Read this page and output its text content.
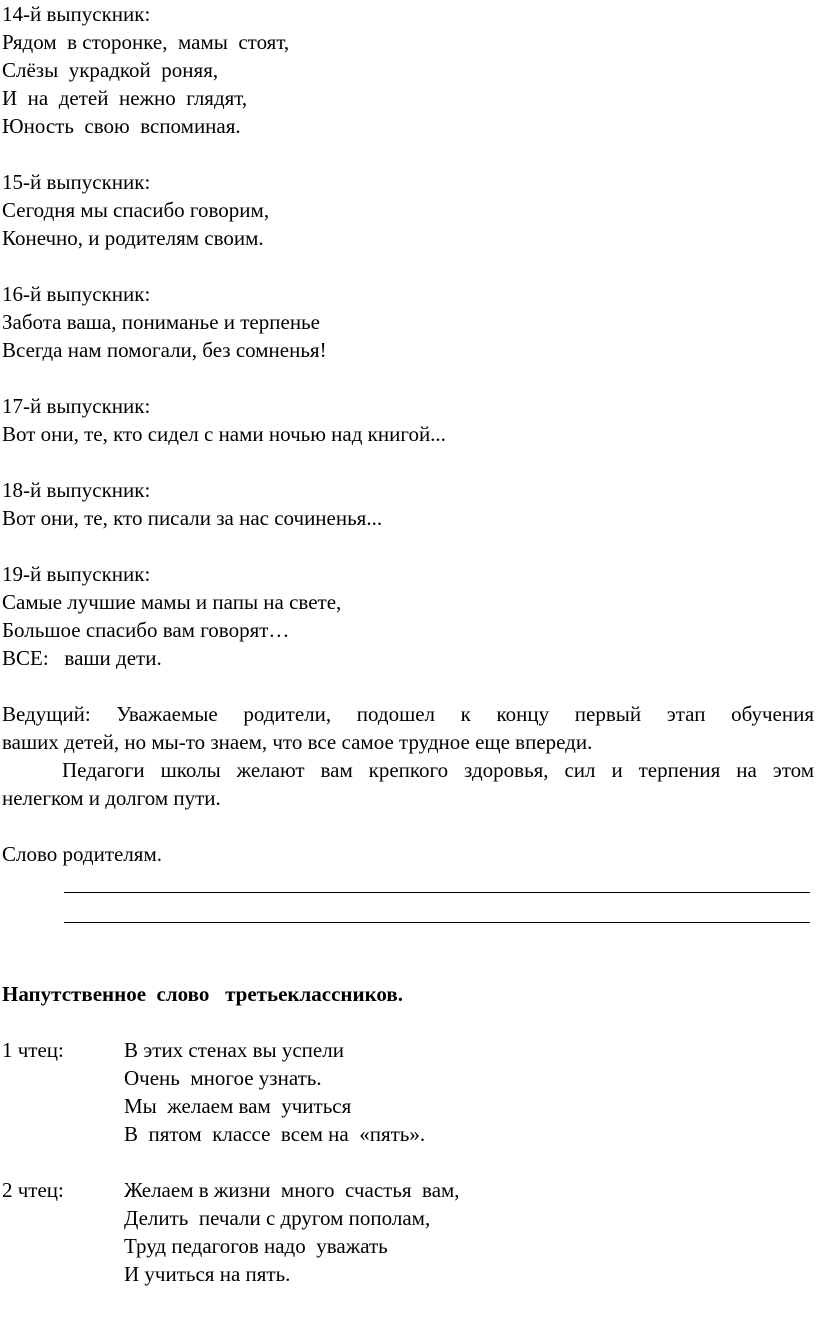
14-й выпускник:
Рядом  в сторонке,  мамы  стоят,
Слёзы  украдкой  роняя,
И  на  детей  нежно  глядят,
Юность  свою  вспоминая.
15-й выпускник:
Сегодня мы спасибо говорим,
Конечно, и родителям своим.
16-й выпускник:
Забота ваша, пониманье и терпенье
Всегда нам помогали, без сомненья!
17-й выпускник:
Вот они, те, кто сидел с нами ночью над книгой...
18-й выпускник:
Вот они, те, кто писали за нас сочиненья...
19-й выпускник:
Самые лучшие мамы и папы на свете,
Большое спасибо вам говорят…
ВСЕ:   ваши дети.
Ведущий: Уважаемые родители, подошел к концу первый этап обучения
ваших детей, но мы-то знаем, что все самое трудное еще впереди.
Педагоги школы желают вам крепкого здоровья, сил и терпения на этом
нелегком и долгом пути.
Слово родителям.
Напутственное  слово   третьеклассников.
1 чтец:	В этих стенах вы успели
Очень  многое узнать.
Мы  желаем вам  учиться
В  пятом  классе  всем на  «пять».
2 чтец:	Желаем в жизни  много  счастья  вам,
Делить  печали с другом пополам,
Труд педагогов надо  уважать
И учиться на пять.
